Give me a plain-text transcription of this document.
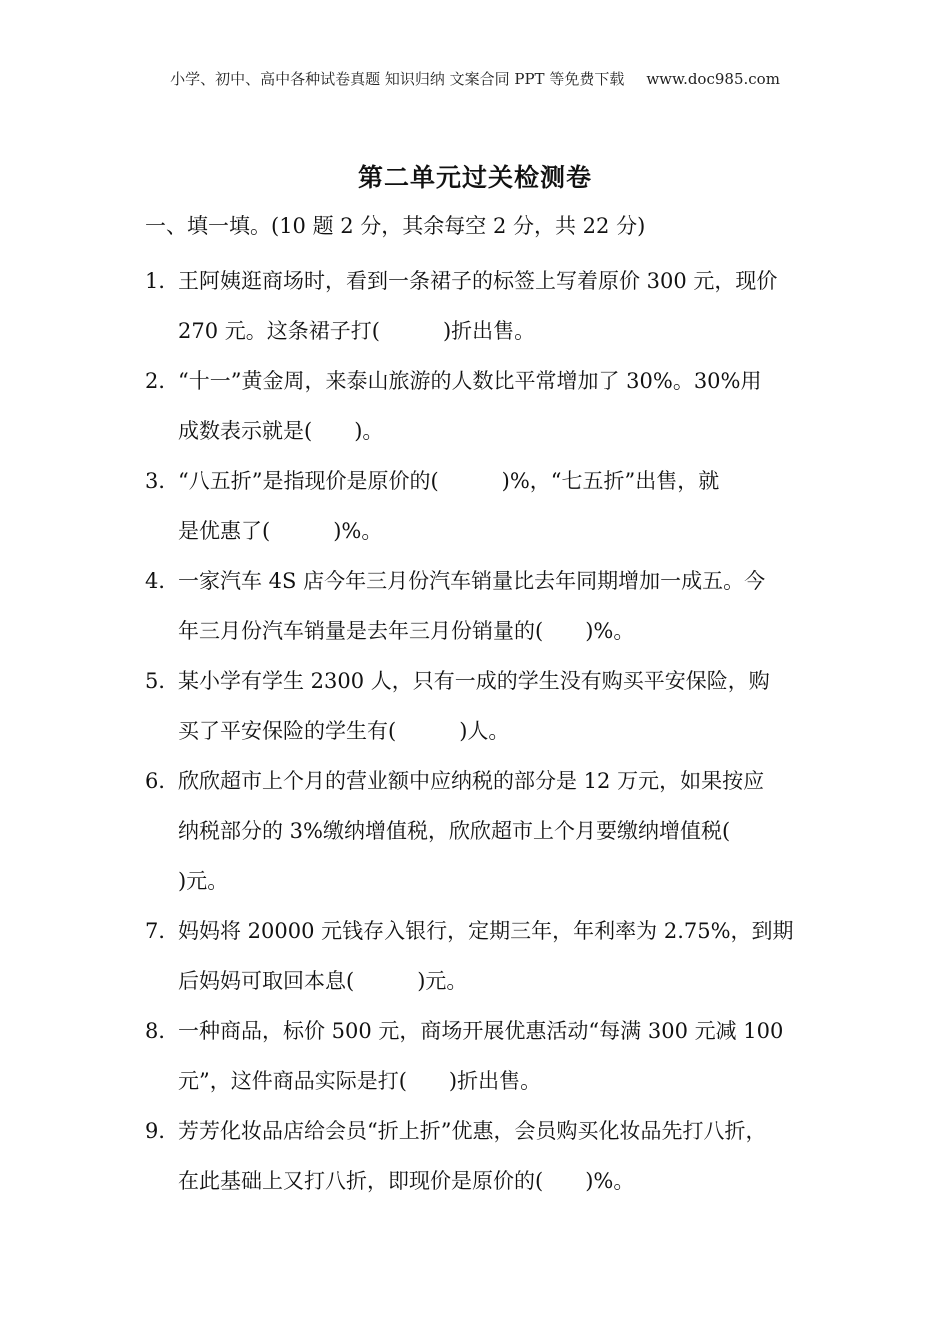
小学、初中、高中各种试卷真题 知识归纳 文案合同 PPT 等免费下载 www.doc985.com
第二单元过关检测卷
一、填一填。(10 题 2 分，其余每空 2 分，共 22 分)
1．王阿姨逛商场时，看到一条裙子的标签上写着原价 300 元，现价
270 元。这条裙子打(　　　)折出售。
2．“十一”黄金周，来泰山旅游的人数比平常增加了 30%。30%用
成数表示就是(　　)。
3．“八五折”是指现价是原价的(　　　)%，“七五折”出售，就
是优惠了(　　　)%。
4．一家汽车 4S 店今年三月份汽车销量比去年同期增加一成五。今
年三月份汽车销量是去年三月份销量的(　　)%。
5．某小学有学生 2300 人，只有一成的学生没有购买平安保险，购
买了平安保险的学生有(　　　)人。
6．欣欣超市上个月的营业额中应纳税的部分是 12 万元，如果按应
纳税部分的 3%缴纳增值税，欣欣超市上个月要缴纳增值税(
)元。
7．妈妈将 20000 元钱存入银行，定期三年，年利率为 2.75%，到期
后妈妈可取回本息(　　　)元。
8．一种商品，标价 500 元，商场开展优惠活动“每满 300 元减 100
元”，这件商品实际是打(　　)折出售。
9．芳芳化妆品店给会员“折上折”优惠，会员购买化妆品先打八折，
在此基础上又打八折，即现价是原价的(　　)%。
